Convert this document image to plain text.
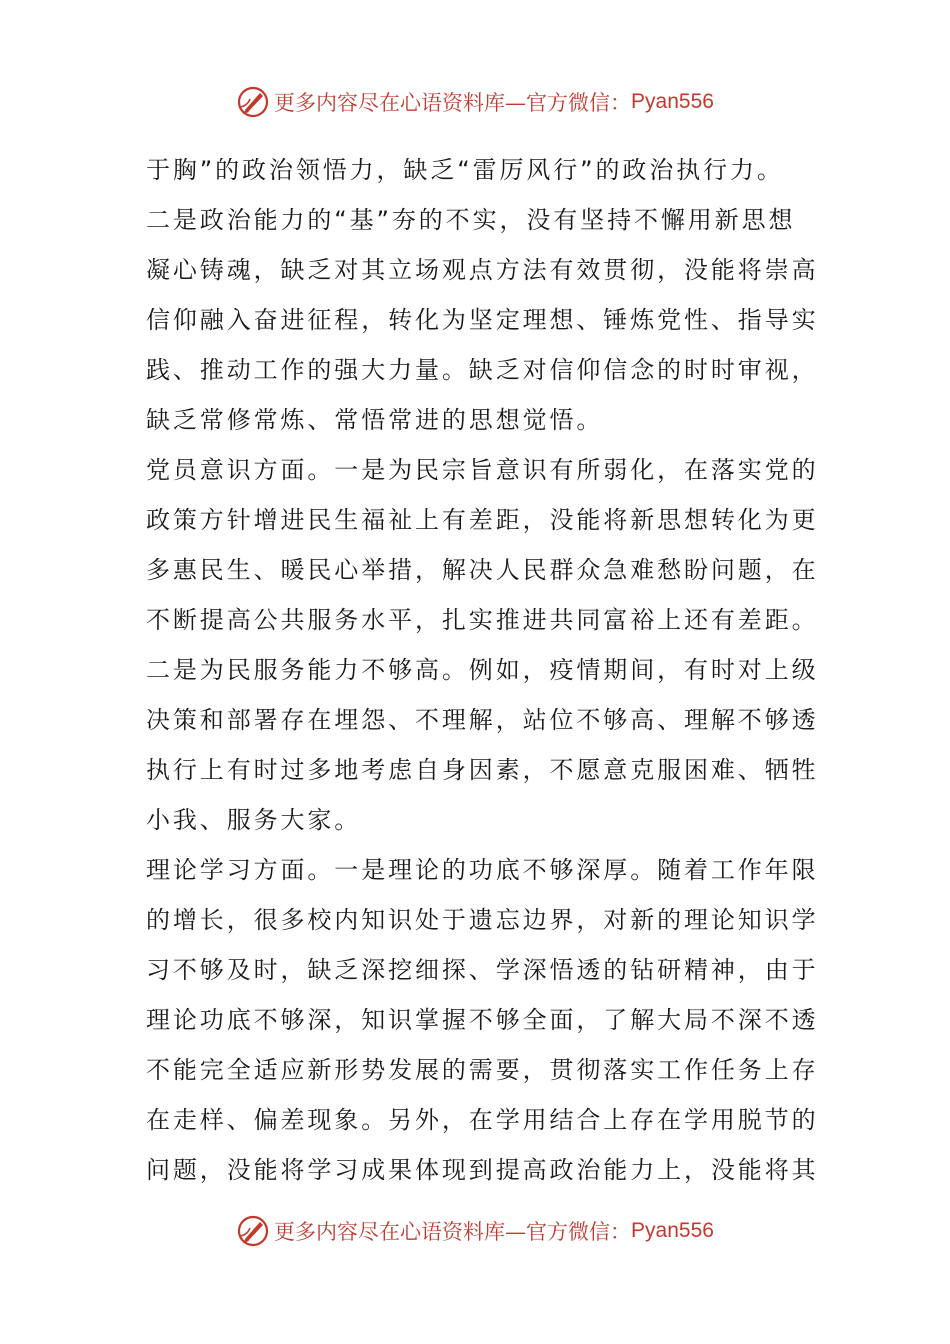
更多内容尽在心语资料库—官方微信： Pyan556
于胸”的政治领悟力，缺乏“雷厉风行”的政治执行力。
二是政治能力的“基”夯的不实，没有坚持不懈用新思想
凝心铸魂，缺乏对其立场观点方法有效贯彻，没能将崇高
信仰融入奋进征程，转化为坚定理想、锤炼党性、指导实
践、推动工作的强大力量。缺乏对信仰信念的时时审视，
缺乏常修常炼、常悟常进的思想觉悟。
党员意识方面。一是为民宗旨意识有所弱化，在落实党的
政策方针增进民生福祉上有差距，没能将新思想转化为更
多惠民生、暖民心举措，解决人民群众急难愁盼问题，在
不断提高公共服务水平，扎实推进共同富裕上还有差距。
二是为民服务能力不够高。例如，疫情期间，有时对上级
决策和部署存在埋怨、不理解，站位不够高、理解不够透
执行上有时过多地考虑自身因素，不愿意克服困难、牺牲
小我、服务大家。
理论学习方面。一是理论的功底不够深厚。随着工作年限
的增长，很多校内知识处于遗忘边界，对新的理论知识学
习不够及时，缺乏深挖细探、学深悟透的钻研精神，由于
理论功底不够深，知识掌握不够全面，了解大局不深不透
不能完全适应新形势发展的需要，贯彻落实工作任务上存
在走样、偏差现象。另外，在学用结合上存在学用脱节的
问题，没能将学习成果体现到提高政治能力上，没能将其
更多内容尽在心语资料库—官方微信： Pyan556
